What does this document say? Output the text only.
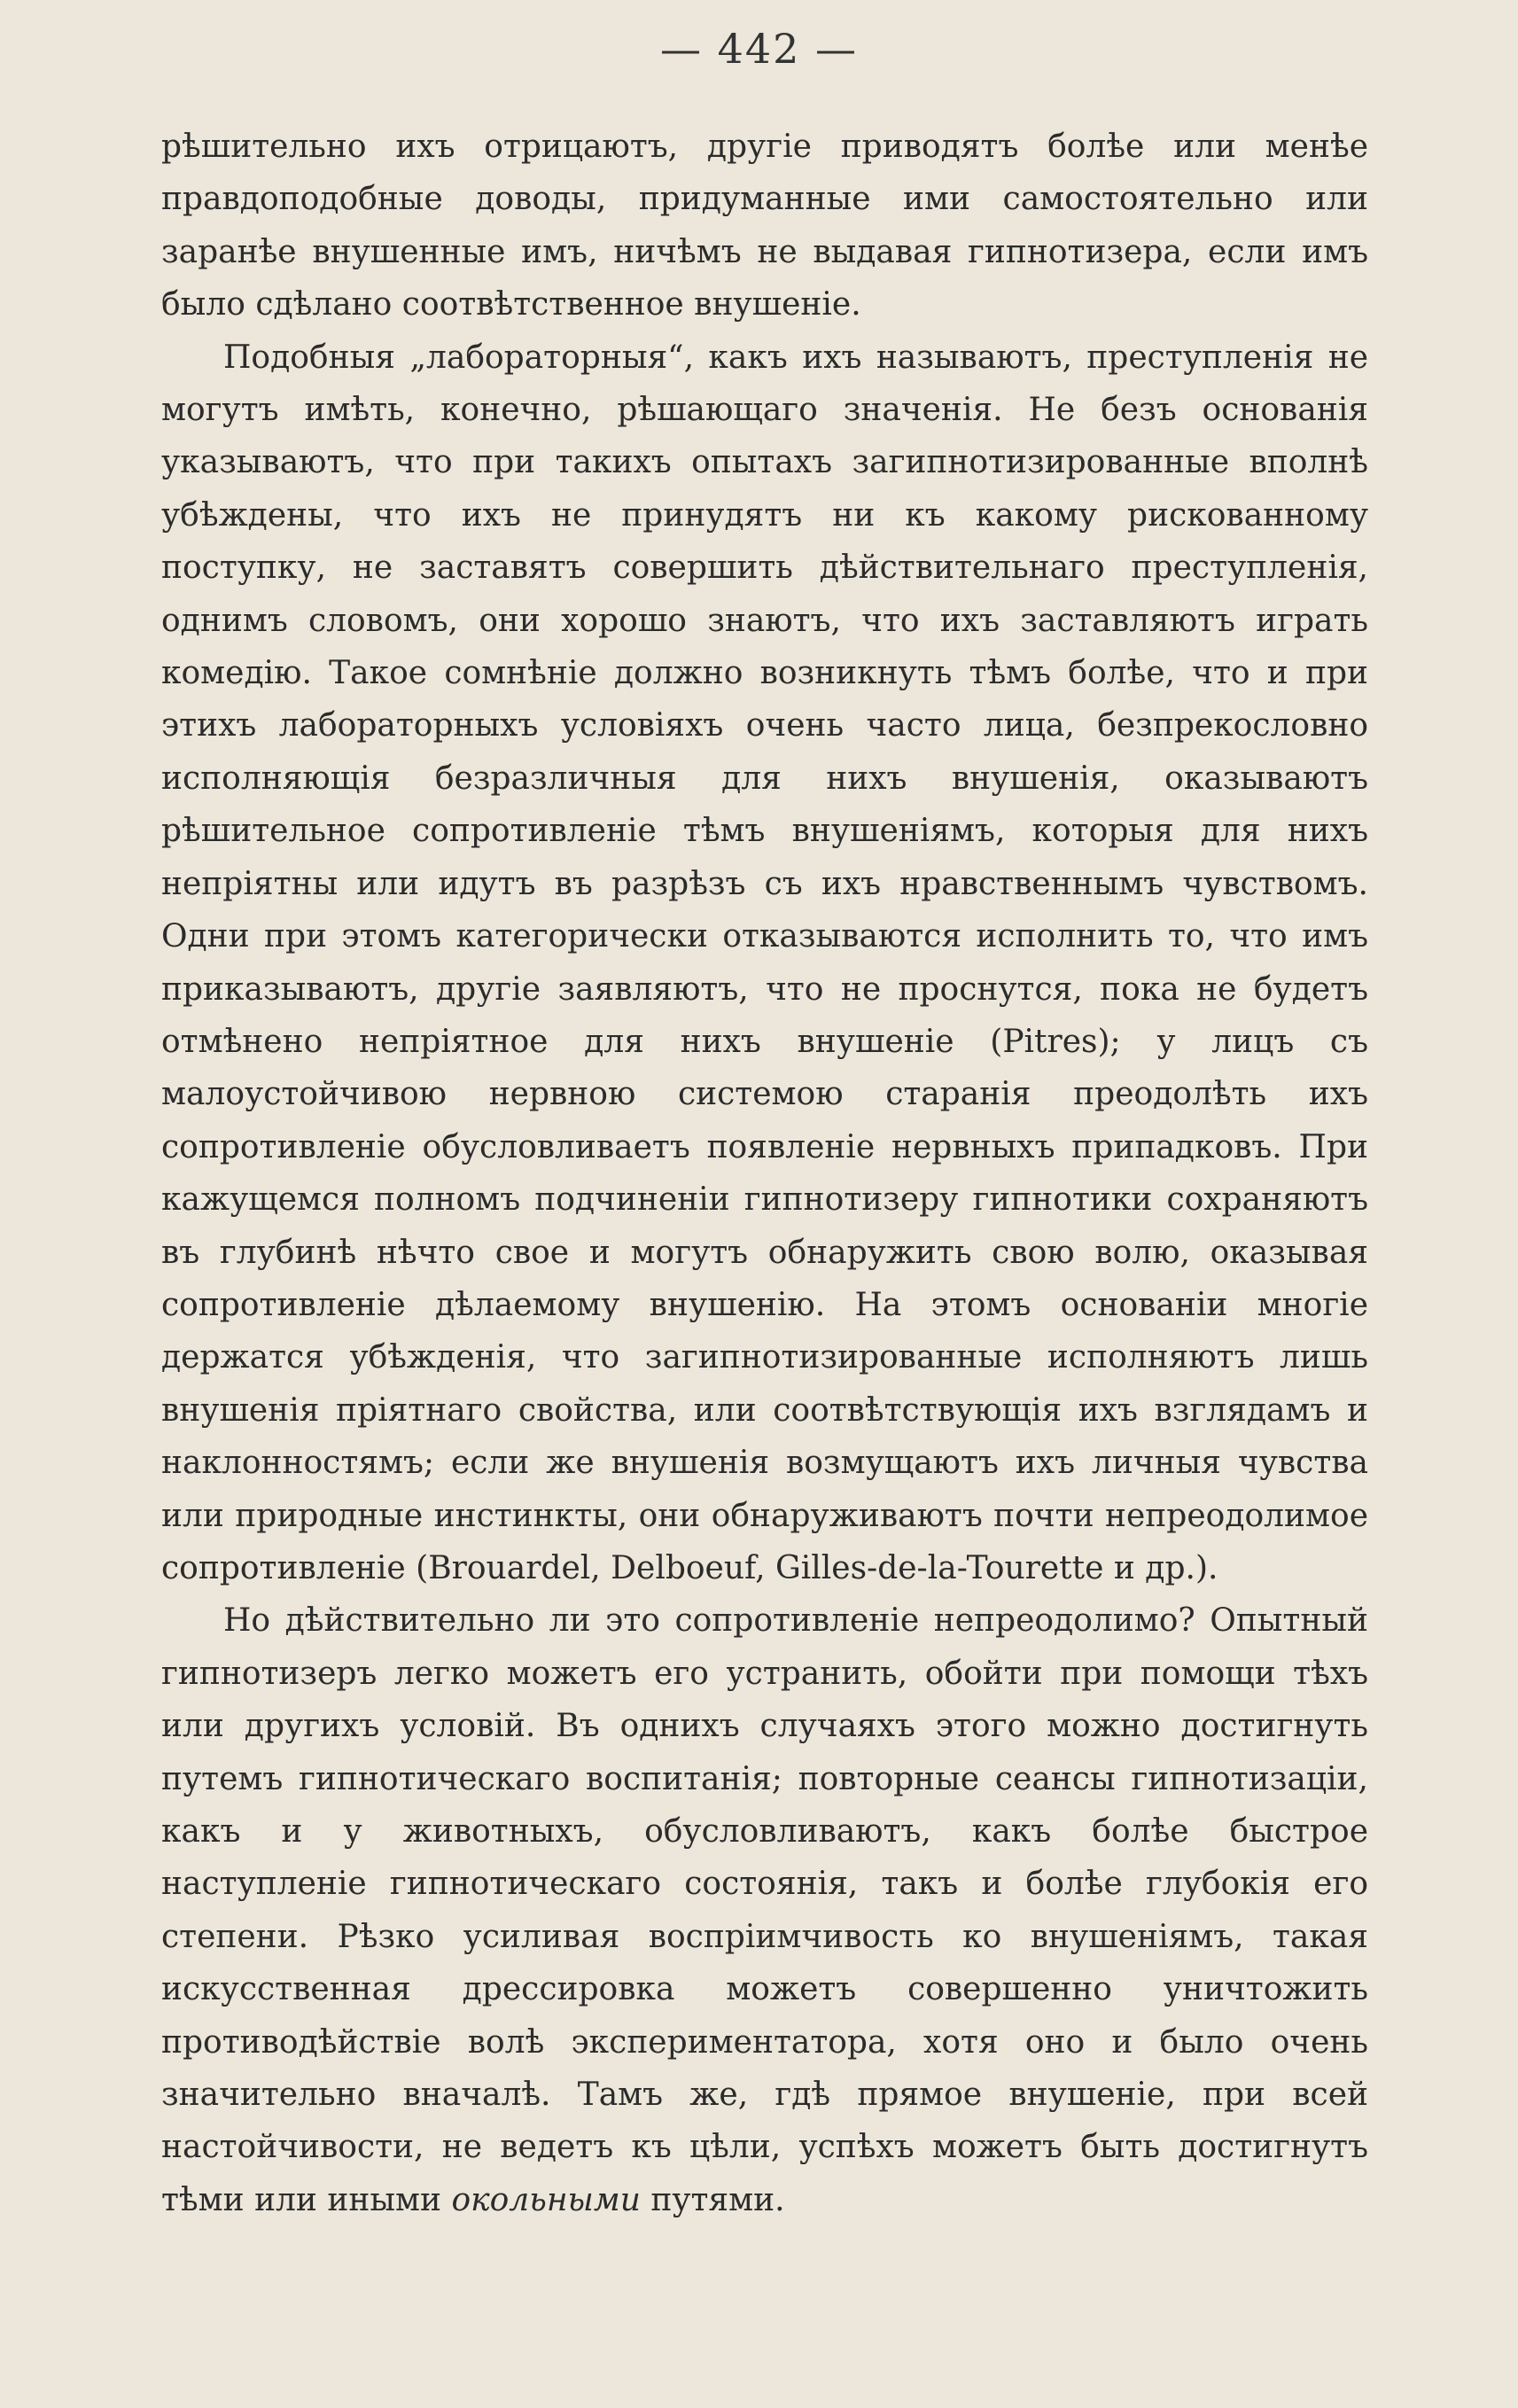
— 442 —

рѣшительно ихъ отрицаютъ, другіе приводятъ болѣе или менѣе правдоподобные доводы, придуманные ими самостоятельно или заранѣе внушенные имъ, ничѣмъ не выдавая гипнотизера, если имъ было сдѣлано соотвѣтственное внушеніе.

Подобныя „лабораторныя“, какъ ихъ называютъ, преступленія не могутъ имѣть, конечно, рѣшающаго значенія. Не безъ основанія указываютъ, что при такихъ опытахъ загипнотизированные вполнѣ убѣждены, что ихъ не принудятъ ни къ какому рискованному поступку, не заставятъ совершить дѣйствительнаго преступленія, однимъ словомъ, они хорошо знаютъ, что ихъ заставляютъ играть комедію. Такое сомнѣніе должно возникнуть тѣмъ болѣе, что и при этихъ лабораторныхъ условіяхъ очень часто лица, безпрекословно исполняющія безразличныя для нихъ внушенія, оказываютъ рѣшительное сопротивленіе тѣмъ внушеніямъ, которыя для нихъ непріятны или идутъ въ разрѣзъ съ ихъ нравственнымъ чувствомъ. Одни при этомъ категорически отказываются исполнить то, что имъ приказываютъ, другіе заявляютъ, что не проснутся, пока не будетъ отмѣнено непріятное для нихъ внушеніе (Pitres); у лицъ съ малоустойчивою нервною системою старанія преодолѣть ихъ сопротивленіе обусловливаетъ появленіе нервныхъ припадковъ. При кажущемся полномъ подчиненіи гипнотизеру гипнотики сохраняютъ въ глубинѣ нѣчто свое и могутъ обнаружить свою волю, оказывая сопротивленіе дѣлаемому внушенію. На этомъ основаніи многіе держатся убѣжденія, что загипнотизированные исполняютъ лишь внушенія пріятнаго свойства, или соотвѣтствующія ихъ взглядамъ и наклонностямъ; если же внушенія возмущаютъ ихъ личныя чувства или природные инстинкты, они обнаруживаютъ почти непреодолимое сопротивленіе (Brouardel, Delboeuf, Gilles-de-la-Tourette и др.).

Но дѣйствительно ли это сопротивленіе непреодолимо? Опытный гипнотизеръ легко можетъ его устранить, обойти при помощи тѣхъ или другихъ условій. Въ однихъ случаяхъ этого можно достигнуть путемъ гипнотическаго воспитанія; повторные сеансы гипнотизаціи, какъ и у животныхъ, обусловливаютъ, какъ болѣе быстрое наступленіе гипнотическаго состоянія, такъ и болѣе глубокія его степени. Рѣзко усиливая воспріимчивость ко внушеніямъ, такая искусственная дрессировка можетъ совершенно уничтожить противодѣйствіе волѣ экспериментатора, хотя оно и было очень значительно вначалѣ. Тамъ же, гдѣ прямое внушеніе, при всей настойчивости, не ведетъ къ цѣли, успѣхъ можетъ быть достигнутъ тѣми или иными окольными путями.
